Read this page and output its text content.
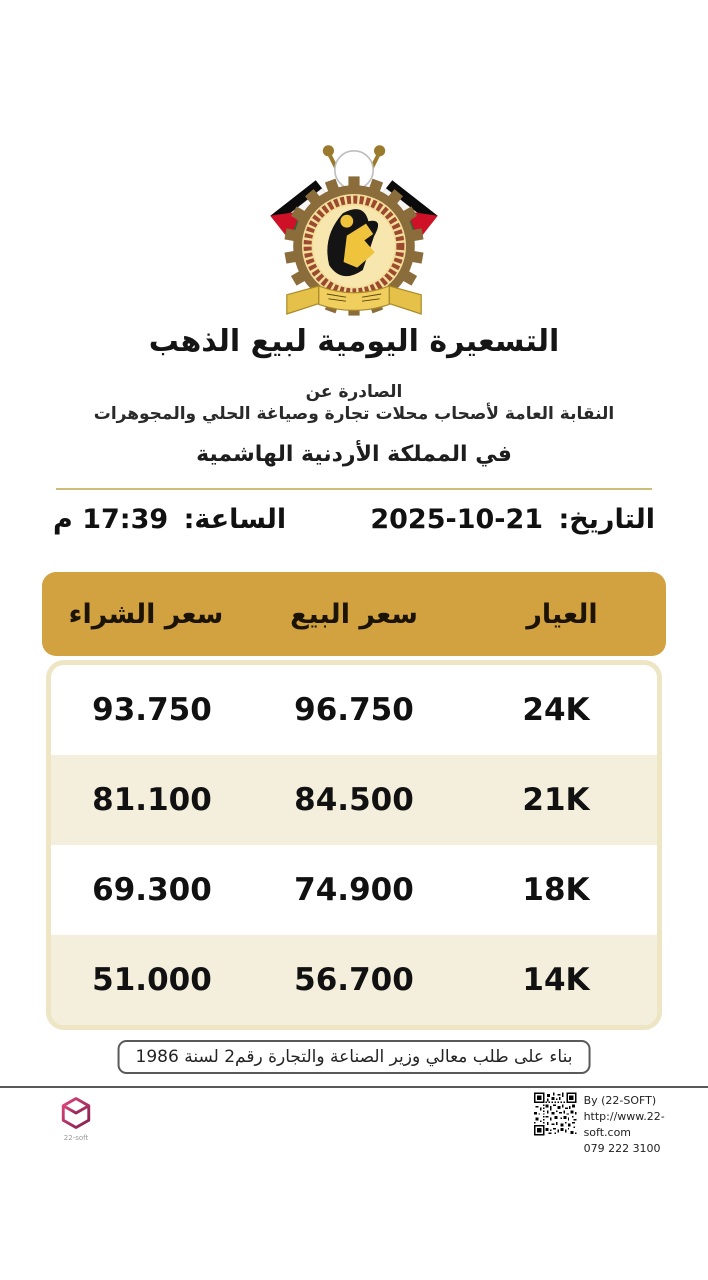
التسعيرة اليومية لبيع الذهب
الصادرة عن
النقابة العامة لأصحاب محلات تجارة وصياغة الحلي والمجوهرات
في المملكة الأردنية الهاشمية
التاريخ: 21-10-2025
الساعة: 17:39 م
العيار
سعر البيع
سعر الشراء
24K
96.750
93.750
21K
84.500
81.100
18K
74.900
69.300
14K
56.700
51.000
بناء على طلب معالي وزير الصناعة والتجارة رقم2 لسنة 1986
22-soft
By (22-SOFT)
http://www.22-soft.com
079 222 3100
